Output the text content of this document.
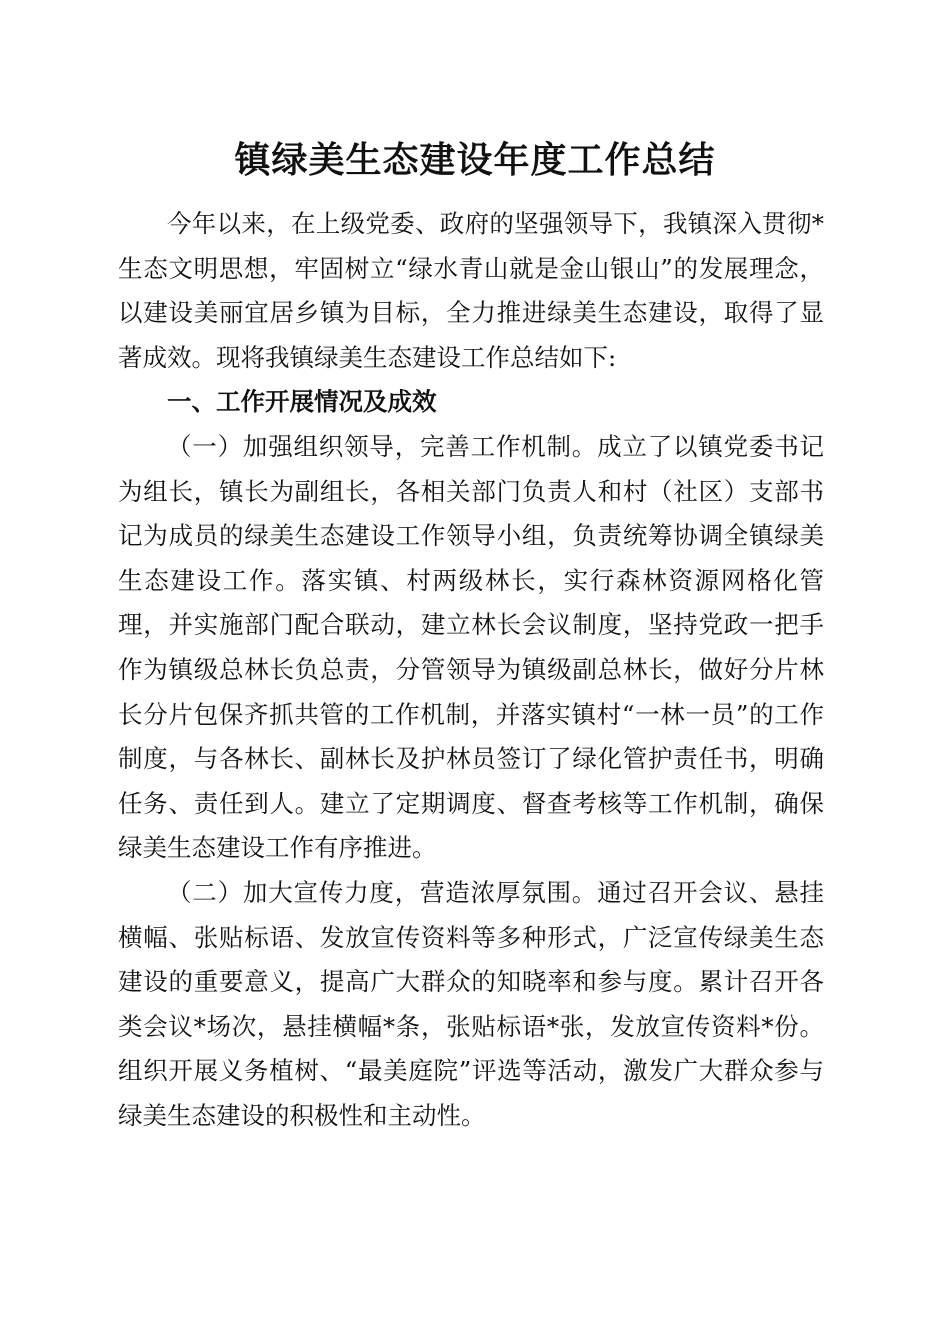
镇绿美生态建设年度工作总结

今年以来，在上级党委、政府的坚强领导下，我镇深入贯彻*生态文明思想，牢固树立“绿水青山就是金山银山”的发展理念，以建设美丽宜居乡镇为目标，全力推进绿美生态建设，取得了显著成效。现将我镇绿美生态建设工作总结如下:

一、工作开展情况及成效

（一）加强组织领导，完善工作机制。成立了以镇党委书记为组长，镇长为副组长，各相关部门负责人和村（社区）支部书记为成员的绿美生态建设工作领导小组，负责统筹协调全镇绿美生态建设工作。落实镇、村两级林长，实行森林资源网格化管理，并实施部门配合联动，建立林长会议制度，坚持党政一把手作为镇级总林长负总责，分管领导为镇级副总林长，做好分片林长分片包保齐抓共管的工作机制，并落实镇村“一林一员”的工作制度，与各林长、副林长及护林员签订了绿化管护责任书，明确任务、责任到人。建立了定期调度、督查考核等工作机制，确保绿美生态建设工作有序推进。

（二）加大宣传力度，营造浓厚氛围。通过召开会议、悬挂横幅、张贴标语、发放宣传资料等多种形式，广泛宣传绿美生态建设的重要意义，提高广大群众的知晓率和参与度。累计召开各类会议*场次，悬挂横幅*条，张贴标语*张，发放宣传资料*份。组织开展义务植树、“最美庭院”评选等活动，激发广大群众参与绿美生态建设的积极性和主动性。
